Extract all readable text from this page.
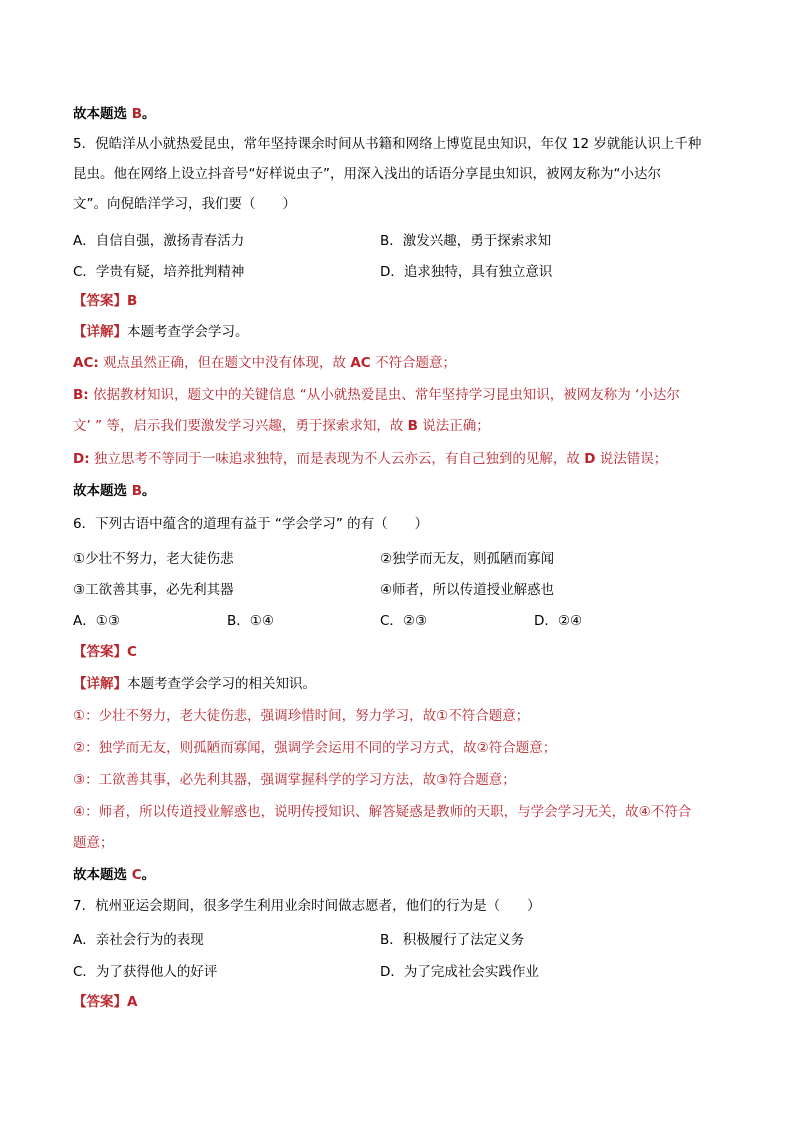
故本题选 B。
5．倪皓洋从小就热爱昆虫，常年坚持课余时间从书籍和网络上博览昆虫知识，年仅 12 岁就能认识上千种
昆虫。他在网络上设立抖音号“好样说虫子”，用深入浅出的话语分享昆虫知识，被网友称为“小达尔
文”。向倪皓洋学习，我们要（　　）
A．自信自强，激扬青春活力	B．激发兴趣，勇于探索求知
C．学贵有疑，培养批判精神	D．追求独特，具有独立意识
【答案】B
【详解】本题考查学会学习。
AC: 观点虽然正确，但在题文中没有体现，故 AC 不符合题意；
B: 依据教材知识，题文中的关键信息 “从小就热爱昆虫、常年坚持学习昆虫知识，被网友称为 ‘小达尔
文’ ” 等，启示我们要激发学习兴趣，勇于探索求知，故 B 说法正确；
D: 独立思考不等同于一味追求独特，而是表现为不人云亦云，有自己独到的见解，故 D 说法错误；
故本题选 B。
6．下列古语中蕴含的道理有益于 “学会学习” 的有（　　）
①少壮不努力，老大徒伤悲	②独学而无友，则孤陋而寡闻
③工欲善其事，必先利其器	④师者，所以传道授业解惑也
A．①③	B．①④	C．②③	D．②④
【答案】C
【详解】本题考查学会学习的相关知识。
①：少壮不努力，老大徒伤悲，强调珍惜时间，努力学习，故①不符合题意；
②：独学而无友，则孤陋而寡闻，强调学会运用不同的学习方式，故②符合题意；
③：工欲善其事，必先利其器，强调掌握科学的学习方法，故③符合题意；
④：师者，所以传道授业解惑也，说明传授知识、解答疑惑是教师的天职，与学会学习无关，故④不符合
题意；
故本题选 C。
7．杭州亚运会期间，很多学生利用业余时间做志愿者，他们的行为是（　　）
A．亲社会行为的表现	B．积极履行了法定义务
C．为了获得他人的好评	D．为了完成社会实践作业
【答案】A
